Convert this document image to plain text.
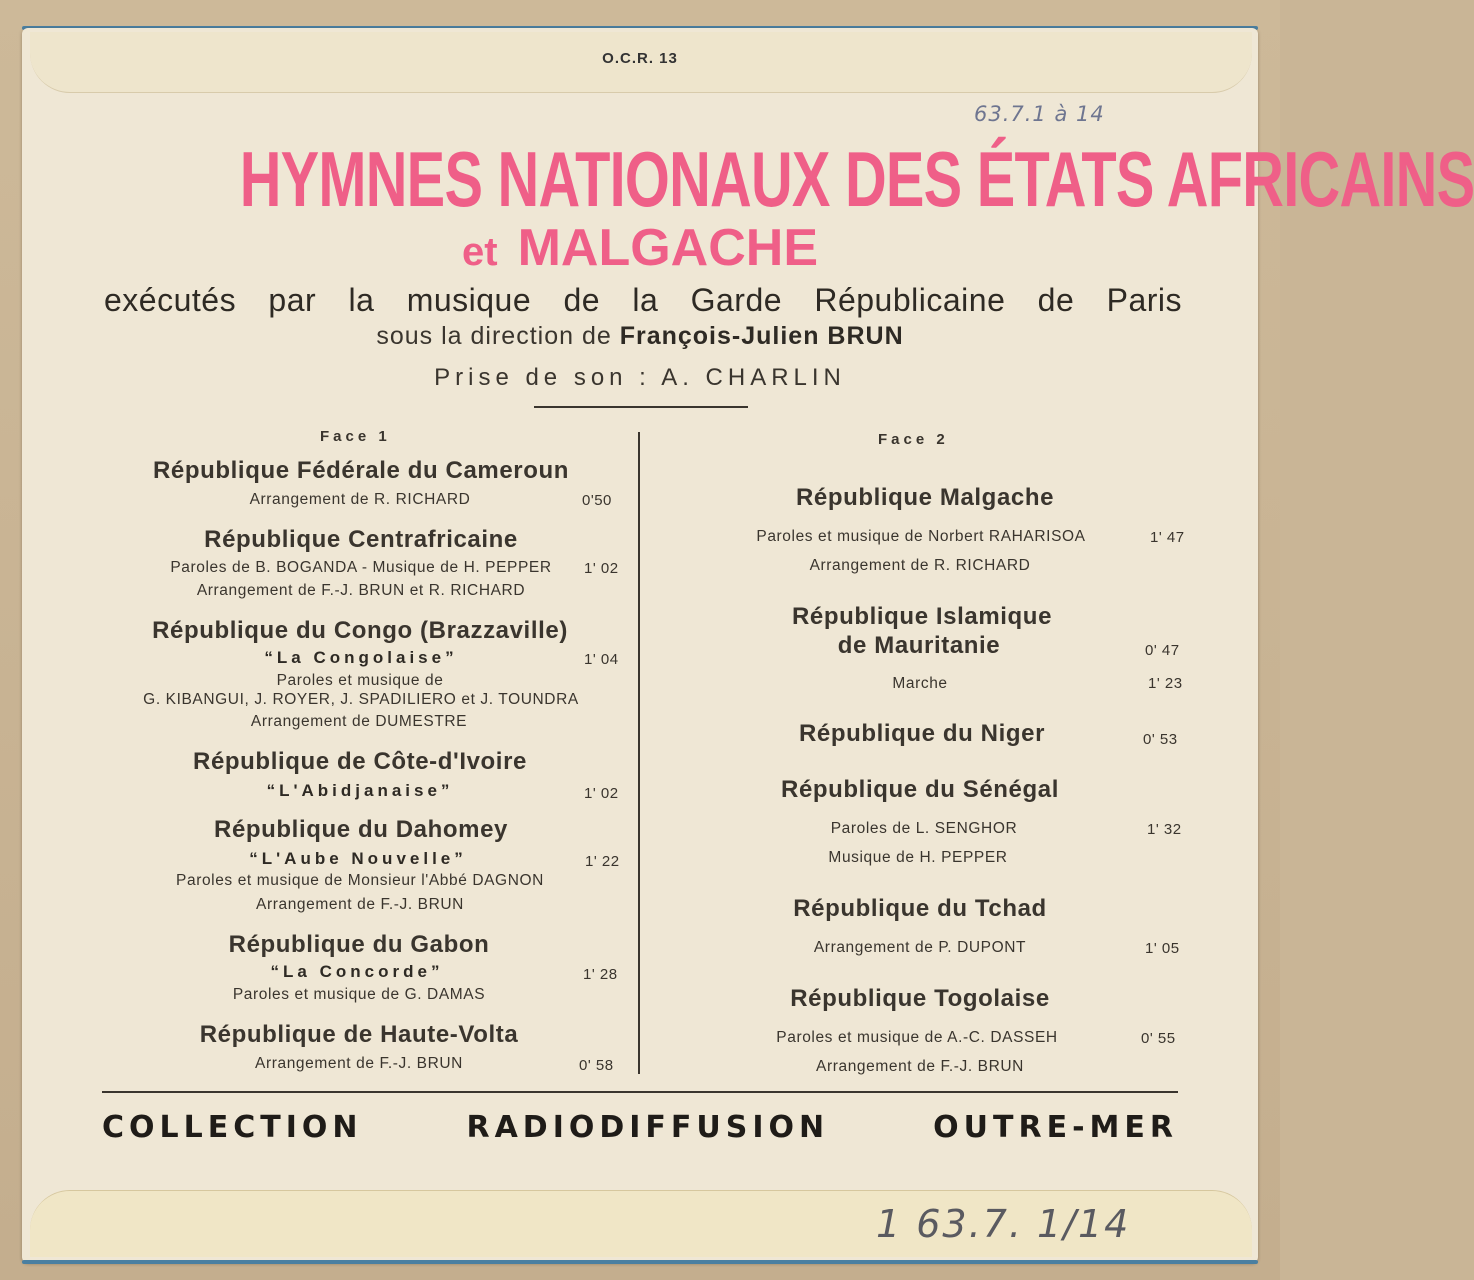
O.C.R. 13
63.7.1 à 14
HYMNES NATIONAUX DES ÉTATS AFRICAINS
et MALGACHE
exécutés par la musique de la Garde Républicaine de Paris
sous la direction de François-Julien BRUN
Prise de son : A. CHARLIN
Face 1	Face 2
République Fédérale du Cameroun
Arrangement de R. RICHARD	0'50
République Centrafricaine
Paroles de B. BOGANDA - Musique de H. PEPPER
Arrangement de F.-J. BRUN et R. RICHARD
1' 02
République du Congo (Brazzaville)
“La Congolaise”	1' 04
Paroles et musique de
G. KIBANGUI, J. ROYER, J. SPADILIERO et J. TOUNDRA
Arrangement de DUMESTRE
République de Côte-d'Ivoire
“L'Abidjanaise”	1' 02
République du Dahomey
“L'Aube Nouvelle”	1' 22
Paroles et musique de Monsieur l'Abbé DAGNON
Arrangement de F.-J. BRUN
République du Gabon
“La Concorde”	1' 28
Paroles et musique de G. DAMAS
République de Haute-Volta
Arrangement de F.-J. BRUN	0' 58
République Malgache
Paroles et musique de Norbert RAHARISOA	1' 47
Arrangement de R. RICHARD
République Islamique
de Mauritanie	0' 47
Marche	1' 23
République du Niger	0' 53
République du Sénégal
Paroles de L. SENGHOR	1' 32
Musique de H. PEPPER
République du Tchad
Arrangement de P. DUPONT	1' 05
République Togolaise
Paroles et musique de A.-C. DASSEH	0' 55
Arrangement de F.-J. BRUN
COLLECTION	RADIODIFFUSION	OUTRE-MER
1 63.7. 1/14
